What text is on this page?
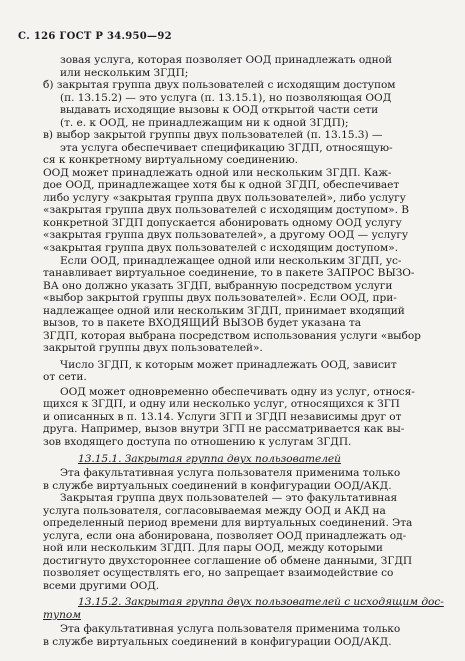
С. 126 ГОСТ Р 34.950—92
зовая услуга, которая позволяет ООД принадлежать одной
или нескольким ЗГДП;
б) закрытая группа двух пользователей с исходящим доступом
(п. 13.15.2) — это услуга (п. 13.15.1), но позволяющая ООД
выдавать исходящие вызовы к ООД открытой части сети
(т. е. к ООД, не принадлежащим ни к одной ЗГДП);
в) выбор закрытой группы двух пользователей (п. 13.15.3) —
эта услуга обеспечивает спецификацию ЗГДП, относящую-
ся к конкретному виртуальному соединению.
ООД может принадлежать одной или нескольким ЗГДП. Каж-
дое ООД, принадлежащее хотя бы к одной ЗГДП, обеспечивает
либо услугу «закрытая группа двух пользователей», либо услугу
«закрытая группа двух пользователей с исходящим доступом». В
конкретной ЗГДП допускается абонировать одному ООД услугу
«закрытая группа двух пользователей», а другому ООД — услугу
«закрытая группа двух пользователей с исходящим доступом».
Если ООД, принадлежащее одной или нескольким ЗГДП, ус-
танавливает виртуальное соединение, то в пакете ЗАПРОС ВЫЗО-
ВА оно должно указать ЗГДП, выбранную посредством услуги
«выбор закрытой группы двух пользователей». Если ООД, при-
надлежащее одной или нескольким ЗГДП, принимает входящий
вызов, то в пакете ВХОДЯЩИЙ ВЫЗОВ будет указана та
ЗГДП, которая выбрана посредством использования услуги «выбор
закрытой группы двух пользователей».
Число ЗГДП, к которым может принадлежать ООД, зависит
от сети.
ООД может одновременно обеспечивать одну из услуг, относя-
щихся к ЗГДП, и одну или несколько услуг, относящихся к ЗГП
и описанных в п. 13.14. Услуги ЗГП и ЗГДП независимы друг от
друга. Например, вызов внутри ЗГП не рассматривается как вы-
зов входящего доступа по отношению к услугам ЗГДП.
13.15.1. Закрытая группа двух пользователей
Эта факультативная услуга пользователя применима только
в службе виртуальных соединений в конфигурации ООД/АКД.
Закрытая группа двух пользователей — это факультативная
услуга пользователя, согласовываемая между ООД и АКД на
определенный период времени для виртуальных соединений. Эта
услуга, если она абонирована, позволяет ООД принадлежать од-
ной или нескольким ЗГДП. Для пары ООД, между которыми
достигнуто двухстороннее соглашение об обмене данными, ЗГДП
позволяет осуществлять его, но запрещает взаимодействие со
всеми другими ООД.
13.15.2. Закрытая группа двух пользователей с исходящим дос-
тупом
Эта факультативная услуга пользователя применима только
в службе виртуальных соединений в конфигурации ООД/АКД.
